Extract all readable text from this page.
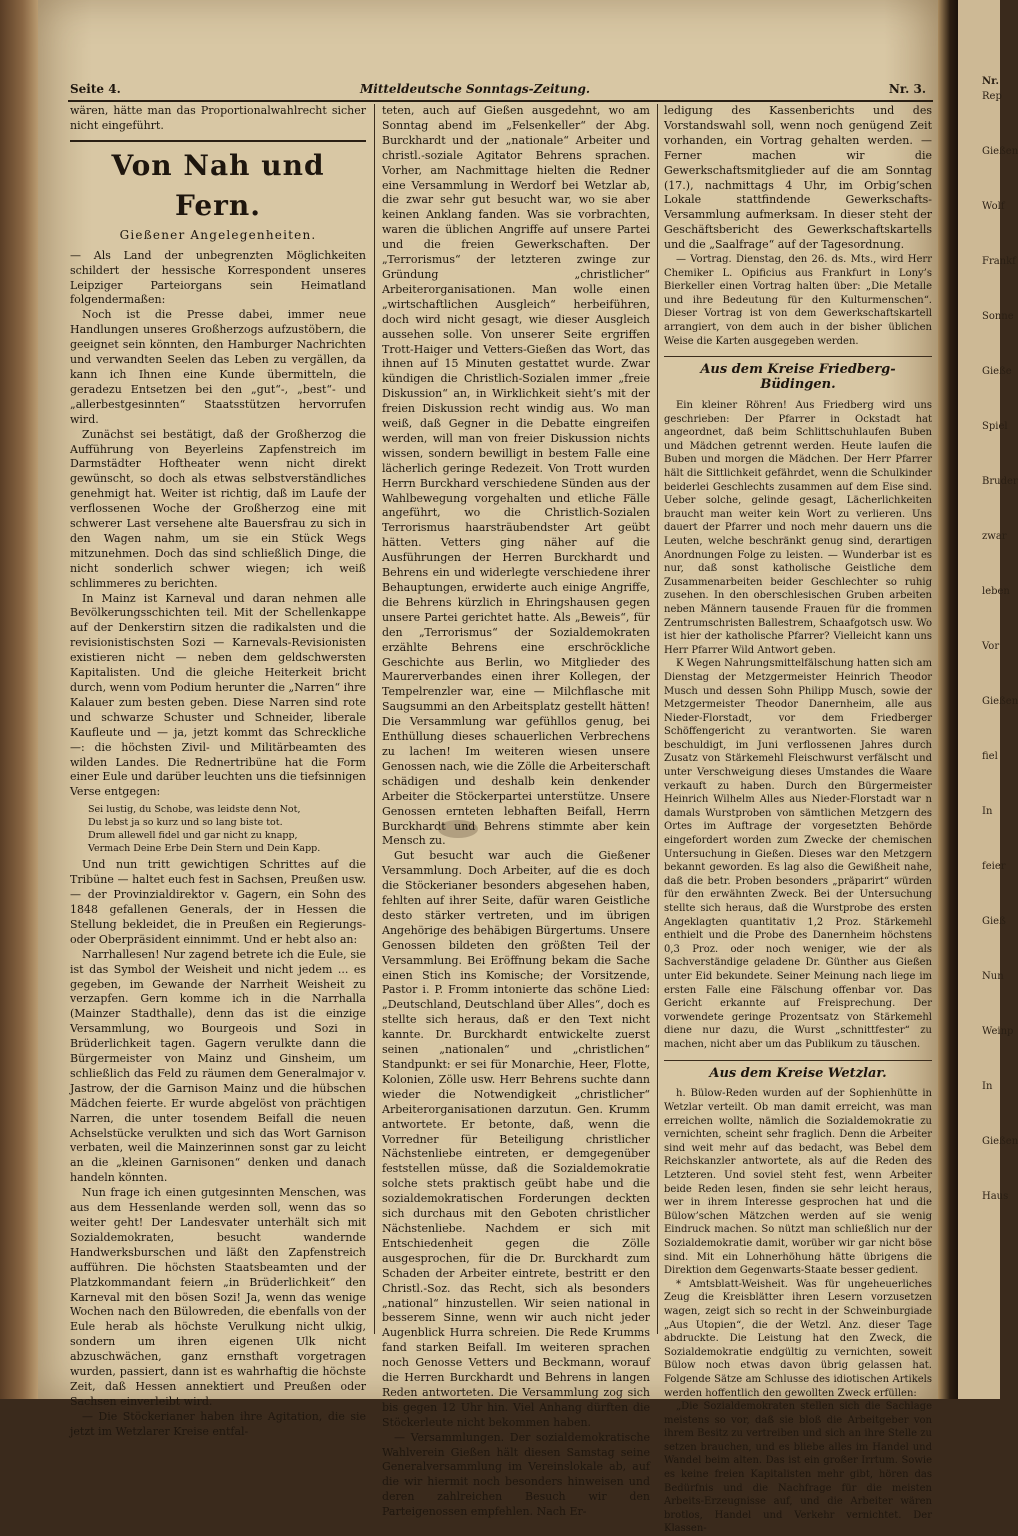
Seite 4.	Mitteldeutsche Sonntags-Zeitung.	Nr. 3.

wären, hätte man das Proportionalwahlrecht sicher nicht eingeführt.

Von Nah und Fern.
Gießener Angelegenheiten.

— Als Land der unbegrenzten Möglichkeiten schildert der hessische Korrespondent unseres Leipziger Parteiorgans sein Heimatland folgendermaßen:

Noch ist die Presse dabei, immer neue Handlungen unseres Großherzogs aufzustöbern, die geeignet sein könnten, den Hamburger Nachrichten und verwandten Seelen das Leben zu vergällen, da kann ich Ihnen eine Kunde übermitteln, die geradezu Entsetzen bei den „gut“-, „best“- und „allerbestgesinnten“ Staatsstützen hervorrufen wird.

Zunächst sei bestätigt, daß der Großherzog die Aufführung von Beyerleins Zapfenstreich im Darmstädter Hoftheater wenn nicht direkt gewünscht, so doch als etwas selbstverständliches genehmigt hat. Weiter ist richtig, daß im Laufe der verflossenen Woche der Großherzog eine mit schwerer Last versehene alte Bauersfrau zu sich in den Wagen nahm, um sie ein Stück Wegs mitzunehmen. Doch das sind schließlich Dinge, die nicht sonderlich schwer wiegen; ich weiß schlimmeres zu berichten.

In Mainz ist Karneval und daran nehmen alle Bevölkerungsschichten teil. Mit der Schellenkappe auf der Denkerstirn sitzen die radikalsten und die revisionistischsten Sozi — Karnevals-Revisionisten existieren nicht — neben dem geldschwersten Kapitalisten. Und die gleiche Heiterkeit bricht durch, wenn vom Podium herunter die „Narren“ ihre Kalauer zum besten geben. Diese Narren sind rote und schwarze Schuster und Schneider, liberale Kaufleute und — ja, jetzt kommt das Schreckliche —: die höchsten Zivil- und Militärbeamten des wilden Landes. Die Rednertribüne hat die Form einer Eule und darüber leuchten uns die tiefsinnigen Verse entgegen:

Sei lustig, du Schobe, was leidste denn Not,
Du lebst ja so kurz und so lang bistе tot.
Drum allewell fidel und gar nicht zu knapp,
Vermach Deine Erbe Dein Stern und Dein Kapp.

Und nun tritt gewichtigen Schrittes auf die Tribüne — haltet euch fest in Sachsen, Preußen usw. — der Provinzialdirektor v. Gagern, ein Sohn des 1848 gefallenen Generals, der in Hessen die Stellung bekleidet, die in Preußen ein Regierungs- oder Oberpräsident einnimmt. Und er hebt also an:

Narrhallesen! Nur zagend betrete ich die Eule, sie ist das Symbol der Weisheit und nicht jedem ... es gegeben, im Gewande der Narrheit Weisheit zu verzapfen. Gern komme ich in die Narrhalla (Mainzer Stadthalle), denn das ist die einzige Versammlung, wo Bourgeois und Sozi in Brüderlichkeit tagen. Gagern verulkte dann die Bürgermeister von Mainz und Ginsheim, um schließlich das Feld zu räumen dem Generalmajor v. Jastrow, der die Garnison Mainz und die hübschen Mädchen feierte. Er wurde abgelöst von prächtigen Narren, die unter tosendem Beifall die neuen Achselstücke verulkten und sich das Wort Garnison verbaten, weil die Mainzerinnen sonst gar zu leicht an die „kleinen Garnisonen“ denken und danach handeln könnten.

Nun frage ich einen gutgesinnten Menschen, was aus dem Hessenlande werden soll, wenn das so weiter geht! Der Landesvater unterhält sich mit Sozialdemokraten, besucht wandernde Handwerksburschen und läßt den Zapfenstreich aufführen. Die höchsten Staatsbeamten und der Platzkommandant feiern „in Brüderlichkeit“ den Karneval mit den bösen Sozi! Ja, wenn das wenige Wochen nach den Bülowreden, die ebenfalls von der Eule herab als höchste Verulkung nicht ulkig, sondern um ihren eigenen Ulk nicht abzuschwächen, ganz ernsthaft vorgetragen wurden, passiert, dann ist es wahrhaftig die höchste Zeit, daß Hessen annektiert und Preußen oder Sachsen einverleibt wird.

— Die Stöckerianer haben ihre Agitation, die sie jetzt im Wetzlarer Kreise entfal-

teten, auch auf Gießen ausgedehnt, wo am Sonntag abend im „Felsenkeller“ der Abg. Burckhardt und der „nationale“ Arbeiter und christl.-soziale Agitator Behrens sprachen. Vorher, am Nachmittage hielten die Redner eine Versammlung in Werdorf bei Wetzlar ab, die zwar sehr gut besucht war, wo sie aber keinen Anklang fanden. Was sie vorbrachten, waren die üblichen Angriffe auf unsere Partei und die freien Gewerkschaften. Der „Terrorismus“ der letzteren zwinge zur Gründung „christlicher“ Arbeiterorganisationen. Man wolle einen „wirtschaftlichen Ausgleich“ herbeiführen, doch wird nicht gesagt, wie dieser Ausgleich aussehen solle. Von unserer Seite ergriffen Trott-Haiger und Vetters-Gießen das Wort, das ihnen auf 15 Minuten gestattet wurde. Zwar kündigen die Christlich-Sozialen immer „freie Diskussion“ an, in Wirklichkeit sieht’s mit der freien Diskussion recht windig aus. Wo man weiß, daß Gegner in die Debatte eingreifen werden, will man von freier Diskussion nichts wissen, sondern bewilligt in bestem Falle eine lächerlich geringe Redezeit. Von Trott wurden Herrn Burckhard verschiedene Sünden aus der Wahlbewegung vorgehalten und etliche Fälle angeführt, wo die Christlich-Sozialen Terrorismus haarsträubendster Art geübt hätten. Vetters ging näher auf die Ausführungen der Herren Burckhardt und Behrens ein und widerlegte verschiedene ihrer Behauptungen, erwiderte auch einige Angriffe, die Behrens kürzlich in Ehringshausen gegen unsere Partei gerichtet hatte. Als „Beweis“, für den „Terrorismus“ der Sozialdemokraten erzählte Behrens eine erschröckliche Geschichte aus Berlin, wo Mitglieder des Maurerverbandes einen ihrer Kollegen, der Tempelrenzler war, eine — Milchflasche mit Saugsummi an den Arbeitsplatz gestellt hätten! Die Versammlung war gefühllos genug, bei Enthüllung dieses schauerlichen Verbrechens zu lachen! Im weiteren wiesen unsere Genossen nach, wie die Zölle die Arbeiterschaft schädigen und deshalb kein denkender Arbeiter die Stöckerpartei unterstütze. Unsere Genossen ernteten lebhaften Beifall, Herrn Burckhardt und Behrens stimmte aber kein Mensch zu.

Gut besucht war auch die Gießener Versammlung. Doch Arbeiter, auf die es doch die Stöckerianer besonders abgesehen haben, fehlten auf ihrer Seite, dafür waren Geistliche desto stärker vertreten, und im übrigen Angehörige des behäbigen Bürgertums. Unsere Genossen bildeten den größten Teil der Versammlung. Bei Eröffnung bekam die Sache einen Stich ins Komische; der Vorsitzende, Pastor i. P. Fromm intonierte das schöne Lied: „Deutschland, Deutschland über Alles“, doch es stellte sich heraus, daß er den Text nicht kannte. Dr. Burckhardt entwickelte zuerst seinen „nationalen“ und „christlichen“ Standpunkt: er sei für Monarchie, Heer, Flotte, Kolonien, Zölle usw. Herr Behrens suchte dann wieder die Notwendigkeit „christlicher“ Arbeiterorganisationen darzutun. Gen. Krumm antwortete. Er betonte, daß, wenn die Vorredner für Beteiligung christlicher Nächstenliebe eintreten, er demgegenüber feststellen müsse, daß die Sozialdemokratie solche stets praktisch geübt habe und die sozialdemokratischen Forderungen deckten sich durchaus mit den Geboten christlicher Nächstenliebe. Nachdem er sich mit Entschiedenheit gegen die Zölle ausgesprochen, für die Dr. Burckhardt zum Schaden der Arbeiter eintrete, bestritt er den Christl.-Soz. das Recht, sich als besonders „national“ hinzustellen. Wir seien national in besserem Sinne, wenn wir auch nicht jeder Augenblick Hurra schreien. Die Rede Krumms fand starken Beifall. Im weiteren sprachen noch Genosse Vetters und Beckmann, worauf die Herren Burckhardt und Behrens in langen Reden antworteten. Die Versammlung zog sich bis gegen 12 Uhr hin. Viel Anhang dürften die Stöckerleute nicht bekommen haben.

— Versammlungen. Der sozialdemokratische Wahlverein Gießen hält diesen Samstag seine Generalversammlung im Vereinslokale ab, auf die wir hiermit noch besonders hinweisen und deren zahlreichen Besuch wir den Parteigenossen empfehlen. Nach Er-

ledigung des Kassenberichts und des Vorstandswahl soll, wenn noch genügend Zeit vorhanden, ein Vortrag gehalten werden. — Ferner machen wir die Gewerkschaftsmitglieder auf die am Sonntag (17.), nachmittags 4 Uhr, im Orbig’schen Lokale stattfindende Gewerkschafts-Versammlung aufmerksam. In dieser steht der Geschäftsbericht des Gewerkschaftskartells und die „Saalfrage“ auf der Tagesordnung.

— Vortrag. Dienstag, den 26. ds. Mts., wird Herr Chemiker L. Opificius aus Frankfurt in Lony’s Bierkeller einen Vortrag halten über: „Die Metalle und ihre Bedeutung für den Kulturmenschen“. Dieser Vortrag ist von dem Gewerkschaftskartell arrangiert, von dem auch in der bisher üblichen Weise die Karten ausgegeben werden.

Aus dem Kreise Friedberg-Büdingen.

Ein kleiner Röhren! Aus Friedberg wird uns geschrieben: Der Pfarrer in Ockstadt hat angeordnet, daß beim Schlittschuhlaufen Buben und Mädchen getrennt werden. Heute laufen die Buben und morgen die Mädchen. Der Herr Pfarrer hält die Sittlichkeit gefährdet, wenn die Schulkinder beiderlei Geschlechts zusammen auf dem Eise sind. Ueber solche, gelinde gesagt, Lächerlichkeiten braucht man weiter kein Wort zu verlieren. Uns dauert der Pfarrer und noch mehr dauern uns die Leuten, welche beschränkt genug sind, derartigen Anordnungen Folge zu leisten. — Wunderbar ist es nur, daß sonst katholische Geistliche dem Zusammenarbeiten beider Geschlechter so ruhig zusehen. In den oberschlesischen Gruben arbeiten neben Männern tausende Frauen für die frommen Zentrumschristen Ballestrem, Schaafgotsch usw. Wo ist hier der katholische Pfarrer? Vielleicht kann uns Herr Pfarrer Wild Antwort geben.

K Wegen Nahrungsmittelfälschung hatten sich am Dienstag der Metzgermeister Heinrich Theodor Musch und dessen Sohn Philipp Musch, sowie der Metzgermeister Theodor Danernheim, alle aus Nieder-Florstadt, vor dem Friedberger Schöffengericht zu verantworten. Sie waren beschuldigt, im Juni verflossenen Jahres durch Zusatz von Stärkemehl Fleischwurst verfälscht und unter Verschweigung dieses Umstandes die Waare verkauft zu haben. Durch den Bürgermeister Heinrich Wilhelm Alles aus Nieder-Florstadt war n damals Wurstproben von sämtlichen Metzgern des Ortes im Auftrage der vorgesetzten Behörde eingefordert worden zum Zwecke der chemischen Untersuchung in Gießen. Dieses war den Metzgern bekannt geworden. Es lag also die Gewißheit nahe, daß die betr. Proben besonders „präparirt“ würden für den erwähnten Zweck. Bei der Untersuchung stellte sich heraus, daß die Wurstprobe des ersten Angeklagten quantitativ 1,2 Proz. Stärkemehl enthielt und die Probe des Danernheim höchstens 0,3 Proz. oder noch weniger, wie der als Sachverständige geladene Dr. Günther aus Gießen unter Eid bekundete. Seiner Meinung nach liege im ersten Falle eine Fälschung offenbar vor. Das Gericht erkannte auf Freisprechung. Der vorwendete geringe Prozentsatz von Stärkemehl diene nur dazu, die Wurst „schnittfester“ zu machen, nicht aber um das Publikum zu täuschen.

Aus dem Kreise Wetzlar.

h. Bülow-Reden wurden auf der Sophienhütte in Wetzlar verteilt. Ob man damit erreicht, was man erreichen wollte, nämlich die Sozialdemokratie zu vernichten, scheint sehr fraglich. Denn die Arbeiter sind weit mehr auf das bedacht, was Bebel dem Reichskanzler antwortete, als auf die Reden des Letzteren. Und soviel steht fest, wenn Arbeiter beide Reden lesen, finden sie sehr leicht heraus, wer in ihrem Interesse gesprochen hat und die Bülow’schen Mätzchen werden auf sie wenig Eindruck machen. So nützt man schließlich nur der Sozialdemokratie damit, worüber wir gar nicht böse sind. Mit ein Lohnerhöhung hätte übrigens die Direktion dem Gegenwarts-Staate besser gedient.

* Amtsblatt-Weisheit. Was für ungeheuerliches Zeug die Kreisblätter ihren Lesern vorzusetzen wagen, zeigt sich so recht in der Schweinburgiade „Aus Utopien“, die der Wetzl. Anz. dieser Tage abdruckte. Die Leistung hat den Zweck, die Sozialdemokratie endgültig zu vernichten, soweit Bülow noch etwas davon übrig gelassen hat. Folgende Sätze am Schlusse des idiotischen Artikels werden hoffentlich den gewollten Zweck erfüllen:

„Die Sozialdemokraten stellen sich die Sachlage meistens so vor, daß sie bloß die Arbeitgeber von ihrem Besitz zu vertreiben und sich an ihre Stelle zu setzen brauchen, und es bliebe alles im Handel und Wandel beim alten. Das ist ein großer Irrtum. Sowie es keine freien Kapitalisten mehr gibt, hören das Bedürfnis und die Nachfrage für die meisten Arbeits-Erzeugnisse auf, und die Arbeiter wären brotlos, Handel und Verkehr vernichtet. Der Klassen-

Nr.
Rep
Gießen
Wolf
Frankf
Sonne
Gieße
Spiel
Bruder
zwar
leben
Vor
Gießen
fiel
In
feier
Gieß
Nun
Weinp
In
Gießen
Haus
